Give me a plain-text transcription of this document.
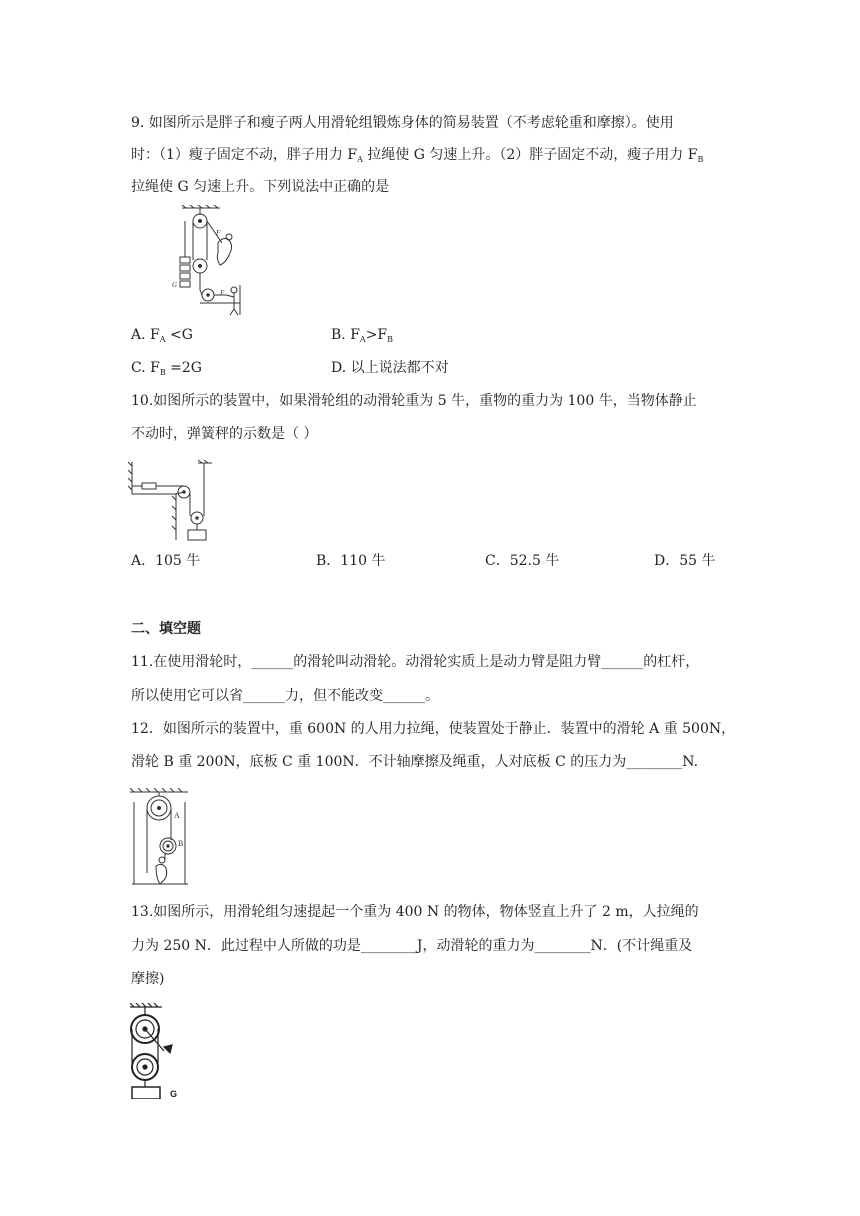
9. 如图所示是胖子和瘦子两人用滑轮组锻炼身体的简易装置（不考虑轮重和摩擦）。使用
时：（1）瘦子固定不动，胖子用力 $F_A$ 拉绳使 G 匀速上升。（2）胖子固定不动，瘦子用力 $F_B$
拉绳使 G 匀速上升。下列说法中正确的是
F
G
F
A. $F_A <G$	B. $F_A>F_B$
C. $F_B =2G$	D. 以上说法都不对
10.如图所示的装置中，如果滑轮组的动滑轮重为 5 牛，重物的重力为 100 牛，当物体静止
不动时，弹簧秤的示数是（ ）
A．105 牛	B．110 牛	C．52.5 牛	D．55 牛
二、填空题
11.在使用滑轮时，______的滑轮叫动滑轮。动滑轮实质上是动力臂是阻力臂______的杠杆，
所以使用它可以省______力，但不能改变______。
12．如图所示的装置中，重 600N 的人用力拉绳，使装置处于静止．装置中的滑轮 A 重 500N，
滑轮 B 重 200N，底板 C 重 100N．不计轴摩擦及绳重，人对底板 C 的压力为________N.
A
B
13.如图所示，用滑轮组匀速提起一个重为 400 N 的物体，物体竖直上升了 2 m，人拉绳的
力为 250 N．此过程中人所做的功是________J，动滑轮的重力为________N．(不计绳重及
摩擦)
G
